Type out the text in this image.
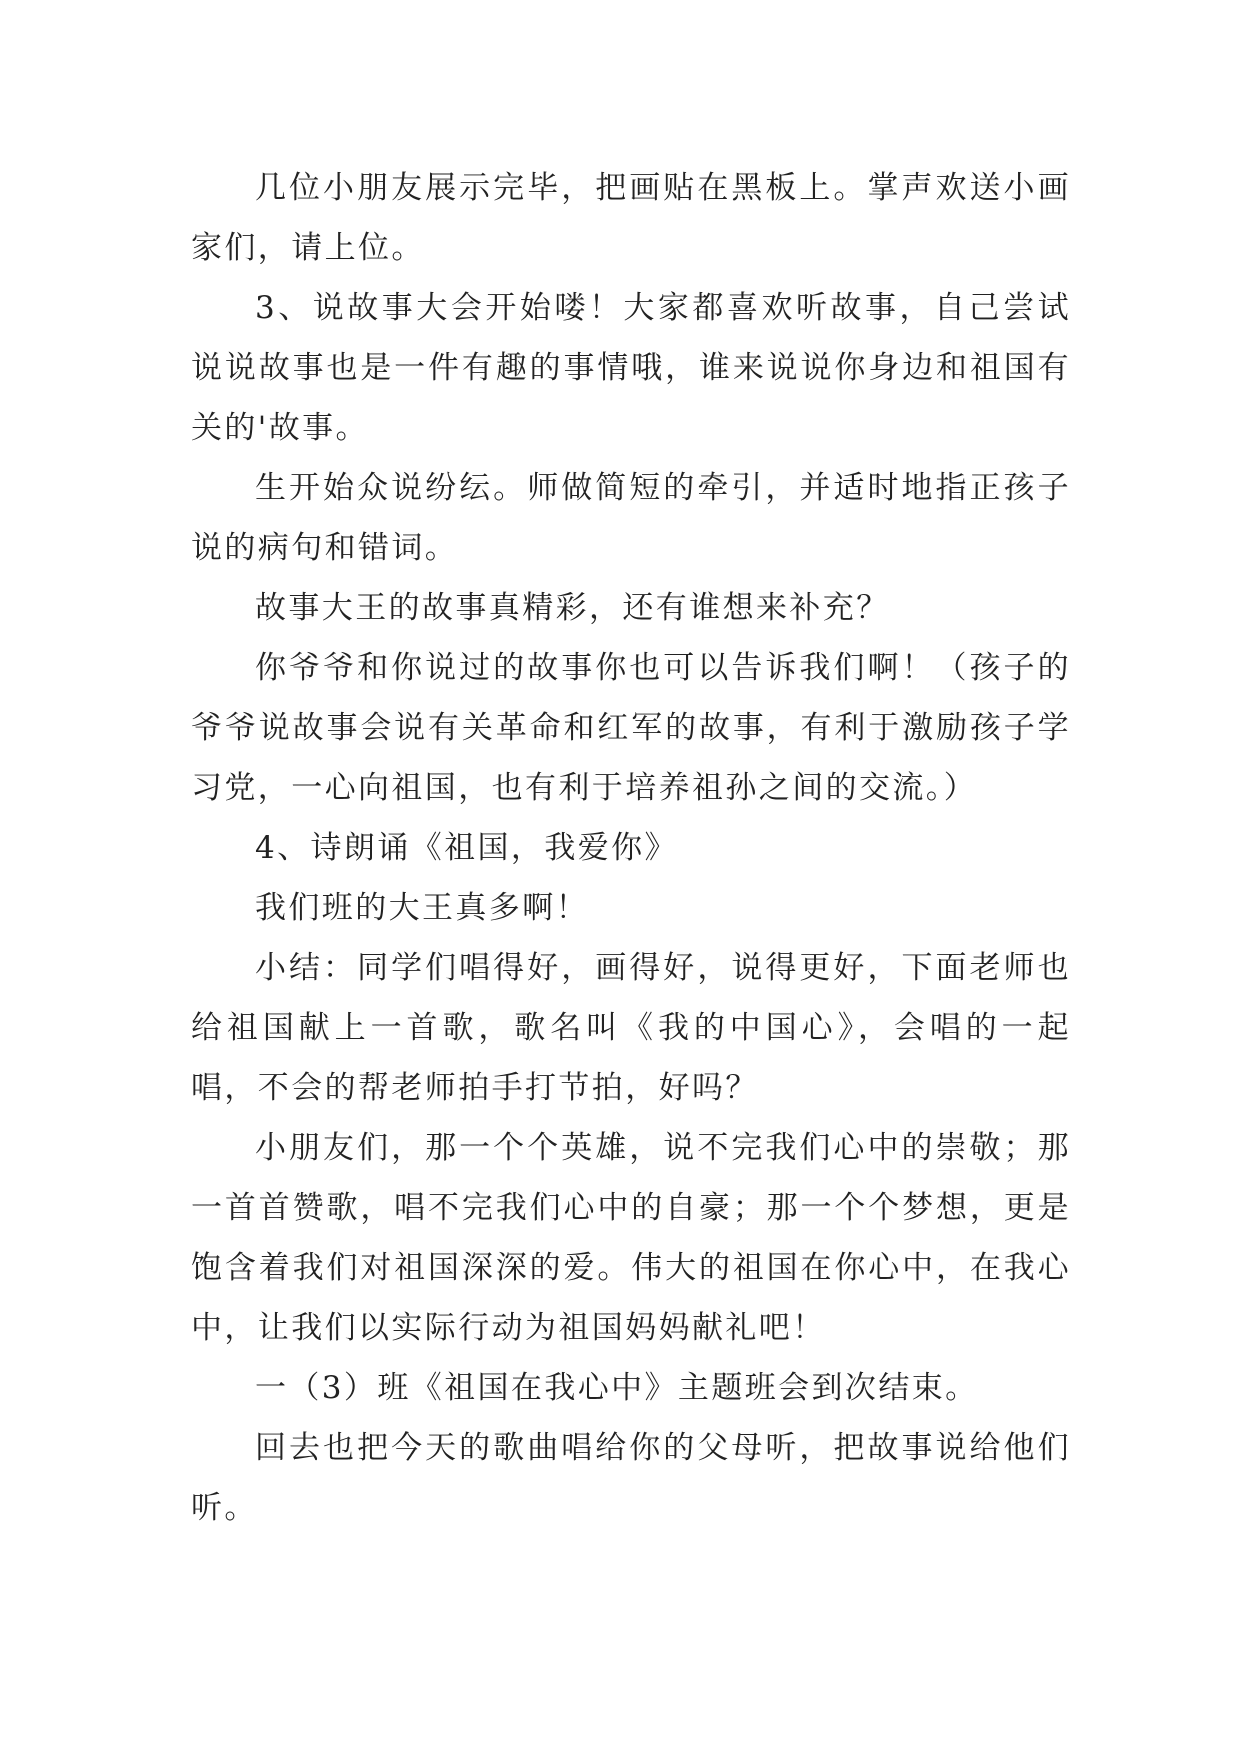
几位小朋友展示完毕，把画贴在黑板上。掌声欢送小画家们，请上位。

3、说故事大会开始喽！大家都喜欢听故事，自己尝试说说故事也是一件有趣的事情哦，谁来说说你身边和祖国有关的'故事。

生开始众说纷纭。师做简短的牵引，并适时地指正孩子说的病句和错词。

故事大王的故事真精彩，还有谁想来补充？

你爷爷和你说过的故事你也可以告诉我们啊！（孩子的爷爷说故事会说有关革命和红军的故事，有利于激励孩子学习党，一心向祖国，也有利于培养祖孙之间的交流。）

4、诗朗诵《祖国，我爱你》

我们班的大王真多啊！

小结：同学们唱得好，画得好，说得更好，下面老师也给祖国献上一首歌，歌名叫《我的中国心》，会唱的一起唱，不会的帮老师拍手打节拍，好吗？

小朋友们，那一个个英雄，说不完我们心中的崇敬；那一首首赞歌，唱不完我们心中的自豪；那一个个梦想，更是饱含着我们对祖国深深的爱。伟大的祖国在你心中，在我心中，让我们以实际行动为祖国妈妈献礼吧！

一（3）班《祖国在我心中》主题班会到次结束。

回去也把今天的歌曲唱给你的父母听，把故事说给他们听。
